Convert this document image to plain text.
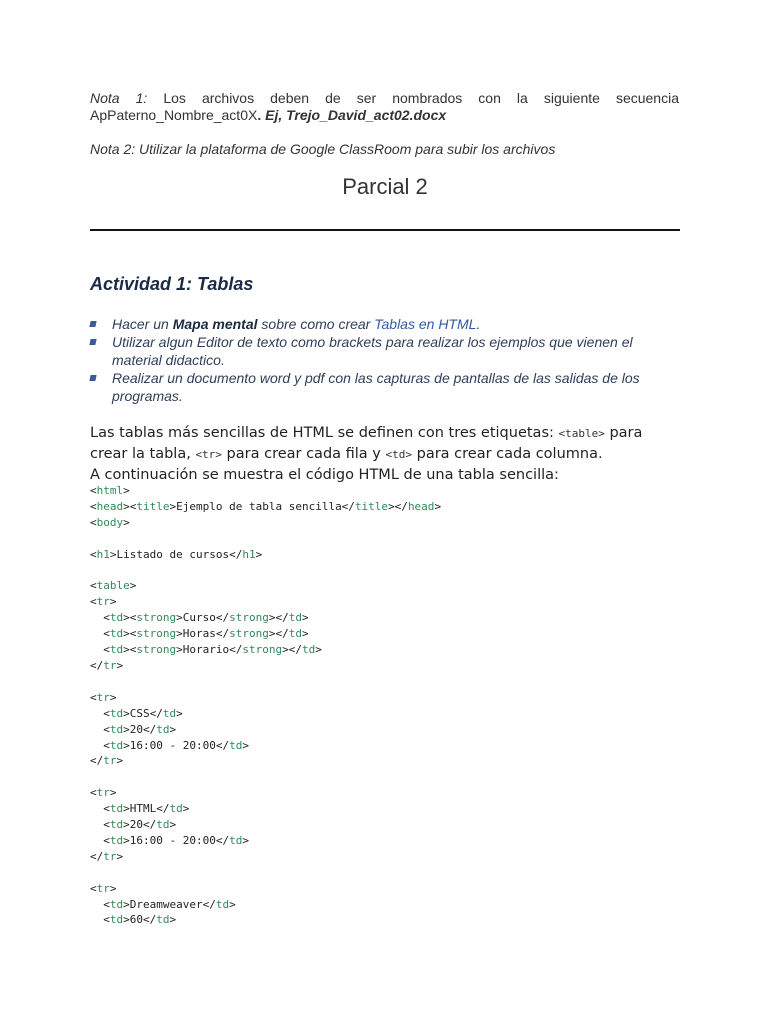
Nota 1: Los archivos deben de ser nombrados con la siguiente secuencia ApPaterno_Nombre_act0X. Ej, Trejo_David_act02.docx
Nota 2: Utilizar la plataforma de Google ClassRoom para subir los archivos
Parcial 2
Actividad 1: Tablas
Hacer un Mapa mental sobre como crear Tablas en HTML.
Utilizar algun Editor de texto como brackets para realizar los ejemplos que vienen el material didactico.
Realizar un documento word y pdf con las capturas de pantallas de las salidas de los programas.
Las tablas más sencillas de HTML se definen con tres etiquetas: <table> para crear la tabla, <tr> para crear cada fila y <td> para crear cada columna.
A continuación se muestra el código HTML de una tabla sencilla:
<html>
<head><title>Ejemplo de tabla sencilla</title></head>
<body>

<h1>Listado de cursos</h1>

<table>
<tr>
<td><strong>Curso</strong></td>
<td><strong>Horas</strong></td>
<td><strong>Horario</strong></td>
</tr>

<tr>
<td>CSS</td>
<td>20</td>
<td>16:00 - 20:00</td>
</tr>

<tr>
<td>HTML</td>
<td>20</td>
<td>16:00 - 20:00</td>
</tr>

<tr>
<td>Dreamweaver</td>
<td>60</td>
